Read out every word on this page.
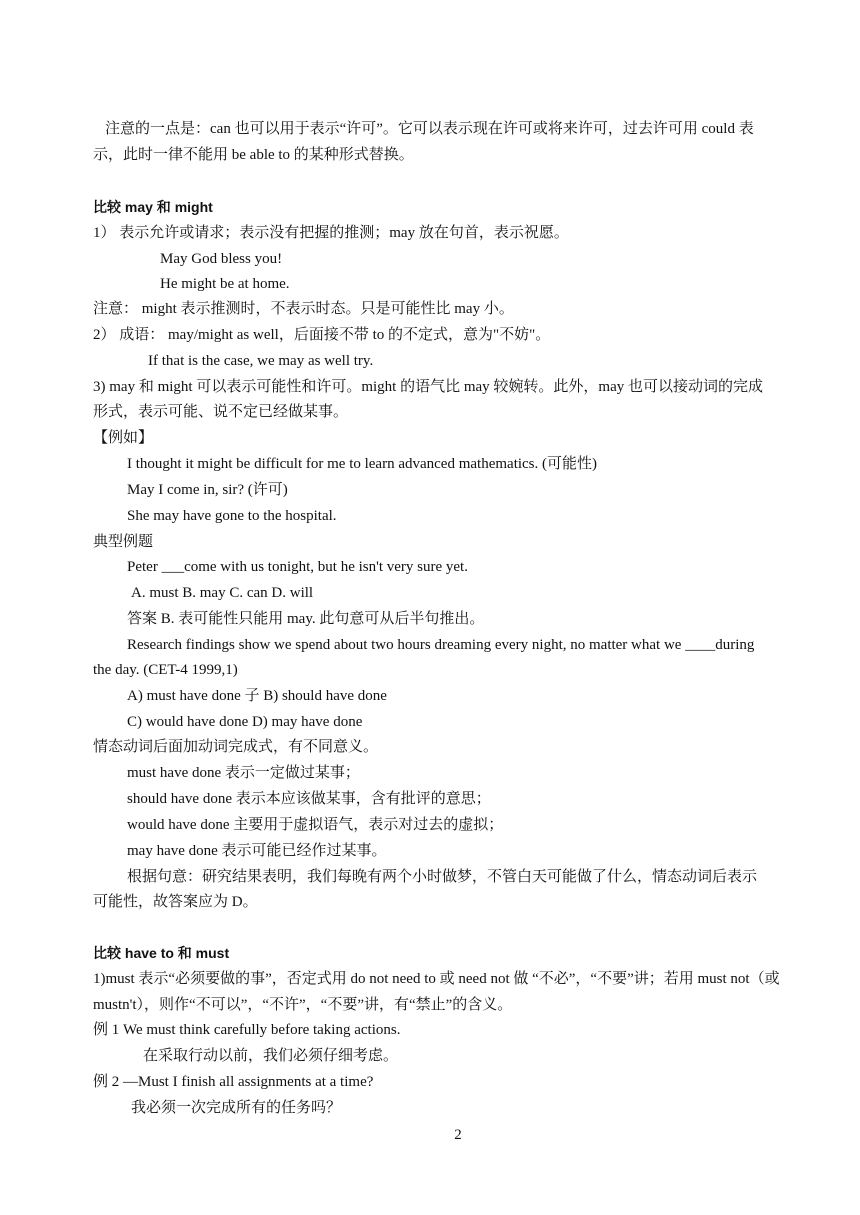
2
注意的一点是：can 也可以用于表示“许可”。它可以表示现在许可或将来许可，过去许可用 could 表
示，此时一律不能用 be able to 的某种形式替换。
比较 may 和 might
1） 表示允许或请求；表示没有把握的推测；may 放在句首，表示祝愿。
May God bless you!
He might be at home.
注意： might 表示推测时，不表示时态。只是可能性比 may 小。
2） 成语： may/might as well，后面接不带 to 的不定式，意为"不妨"。
If that is the case, we may as well try.
3) may 和 might 可以表示可能性和许可。might 的语气比 may 较婉转。此外，may 也可以接动词的完成
形式，表示可能、说不定已经做某事。
【例如】
I thought it might be difficult for me to learn advanced mathematics. (可能性)
May I come in, sir? (许可)
She may have gone to the hospital.
典型例题
Peter ___come with us tonight, but he isn't very sure yet.
A. must B. may C. can D. will
答案 B. 表可能性只能用 may. 此句意可从后半句推出。
Research findings show we spend about two hours dreaming every night, no matter what we ____during
the day. (CET-4 1999,1)
A) must have done 子 B) should have done
C) would have done D) may have done
情态动词后面加动词完成式，有不同意义。
must have done 表示一定做过某事；
should have done 表示本应该做某事，含有批评的意思；
would have done 主要用于虚拟语气，表示对过去的虚拟；
may have done 表示可能已经作过某事。
根据句意：研究结果表明，我们每晚有两个小时做梦，不管白天可能做了什么，情态动词后表示
可能性，故答案应为 D。
比较 have to 和 must
1)must 表示“必须要做的事”，否定式用 do not need to 或 need not 做 “不必”，“不要”讲；若用 must not（或
mustn't），则作“不可以”，“不许”，“不要”讲，有“禁止”的含义。
例 1 We must think carefully before taking actions.
在采取行动以前，我们必须仔细考虑。
例 2 —Must I finish all assignments at a time?
我必须一次完成所有的任务吗？
